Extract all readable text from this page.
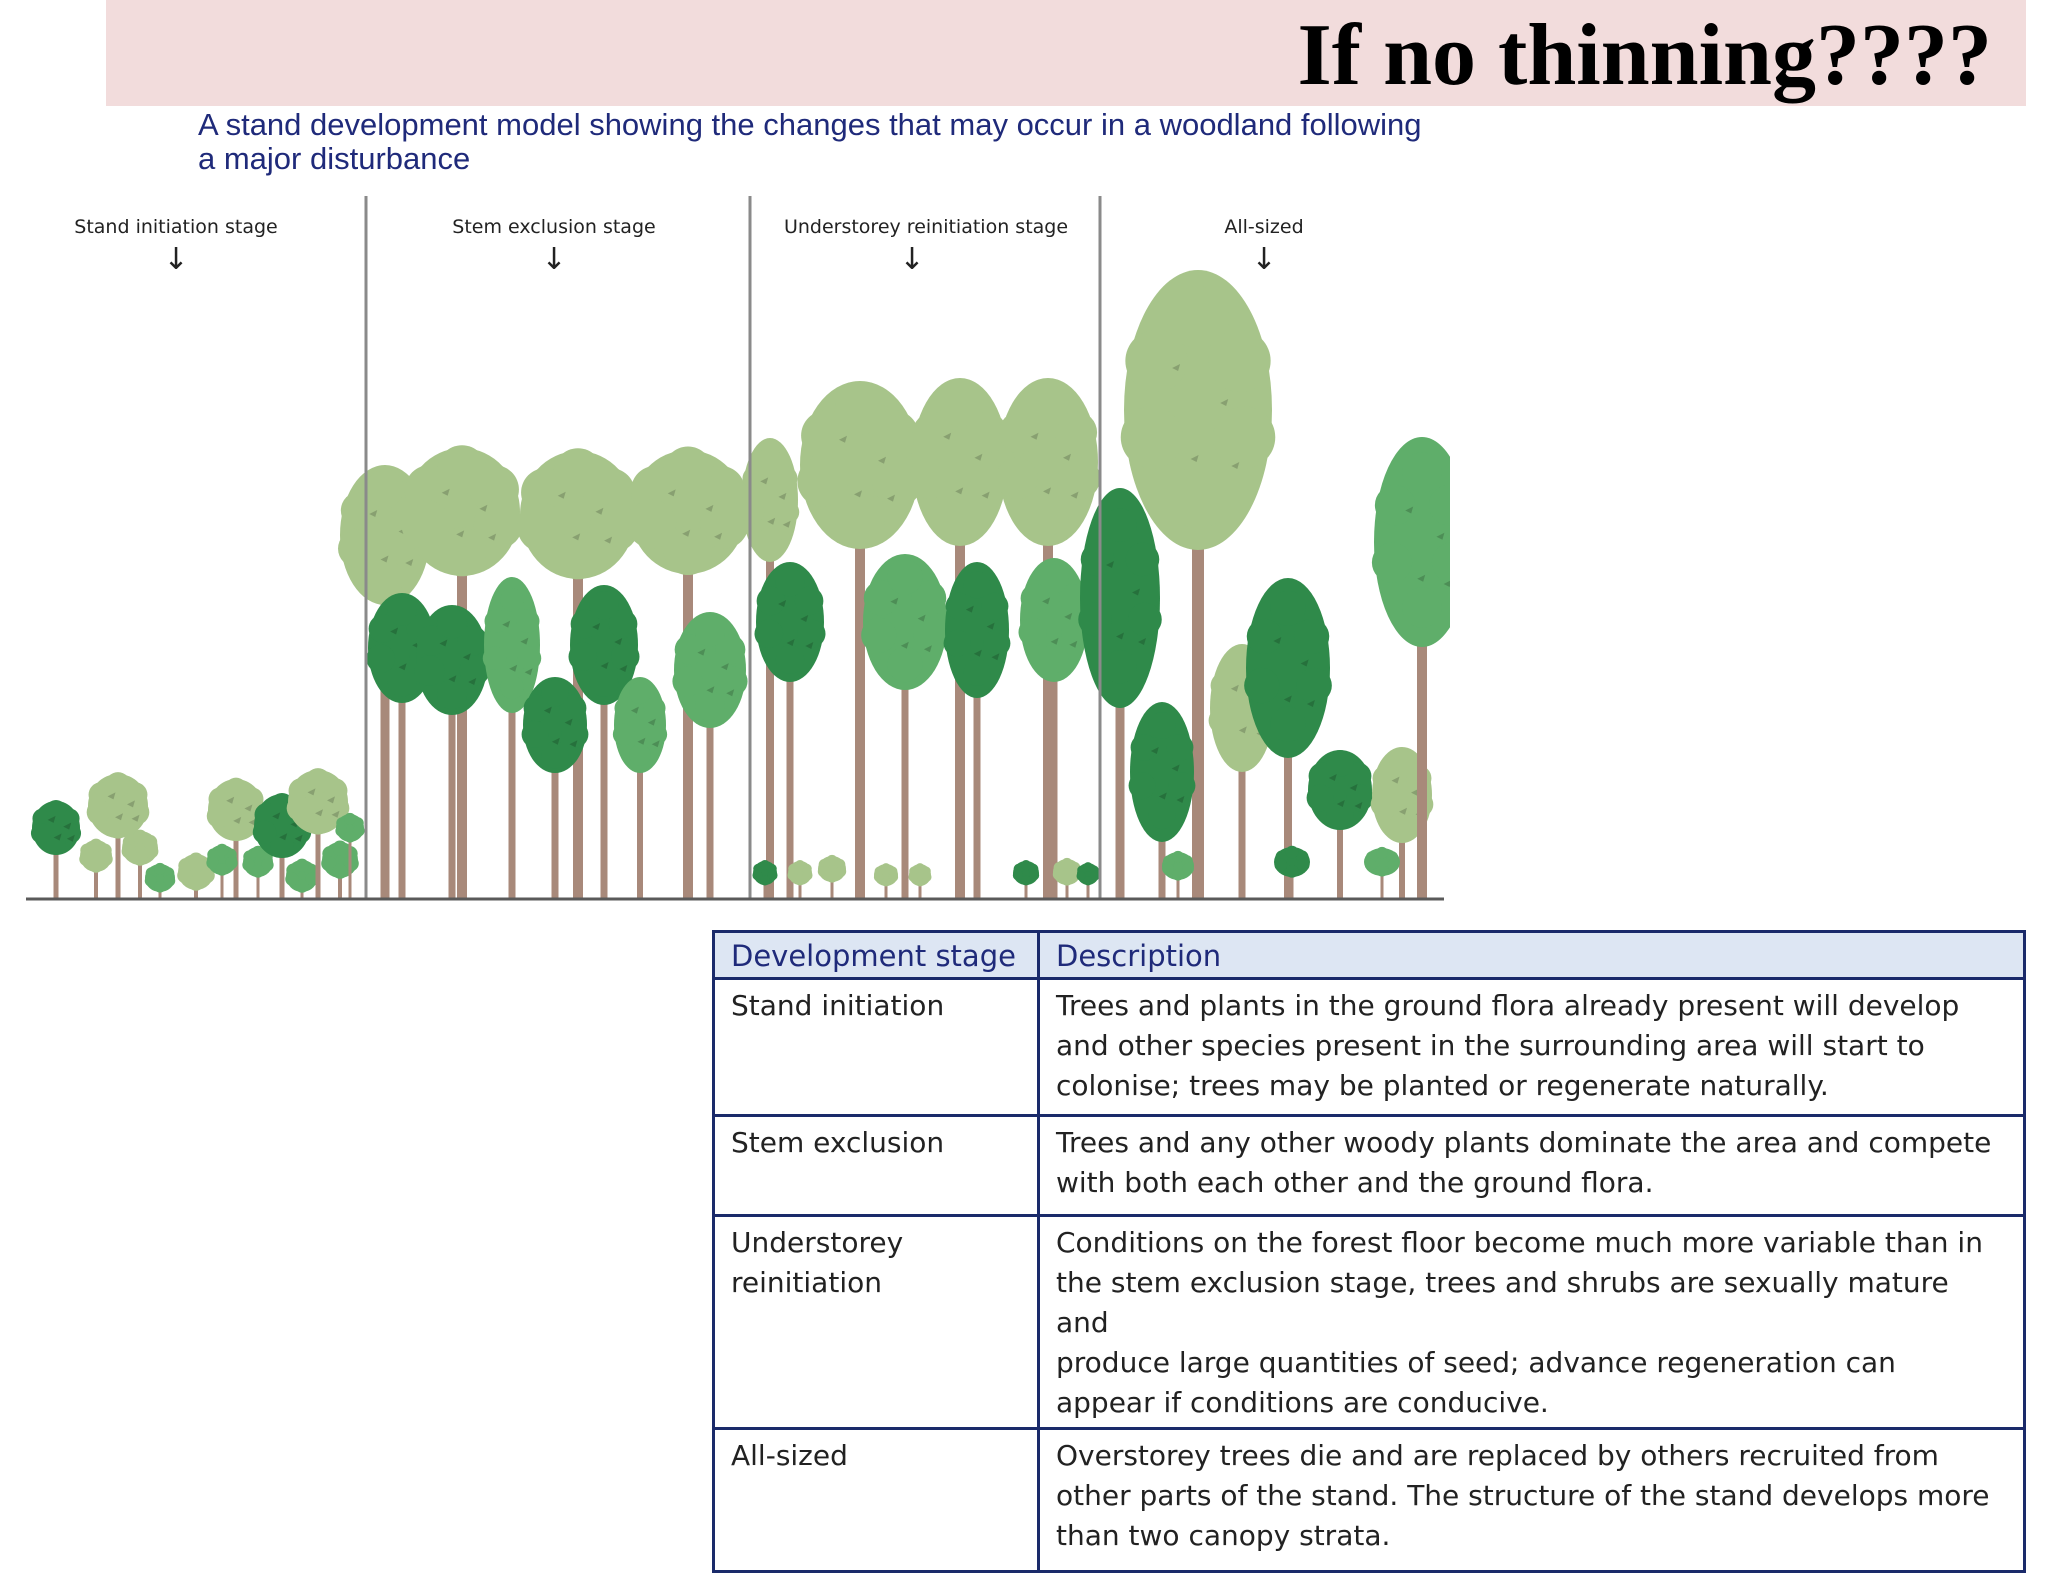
If no thinning????
A stand development model showing the changes that may occur in a woodland following a major disturbance
Stand initiation stage
↓
Stem exclusion stage
↓
Understorey reinitiation stage
↓
All-sized
↓
Development stage	Description
Stand initiation	Trees and plants in the ground flora already present will develop
and other species present in the surrounding area will start to
colonise; trees may be planted or regenerate naturally.

Stem exclusion	Trees and any other woody plants dominate the area and compete
with both each other and the ground flora.

Understorey reinitiation	Conditions on the forest floor become much more variable than in
the stem exclusion stage, trees and shrubs are sexually mature and
produce large quantities of seed; advance regeneration can
appear if conditions are conducive.

All-sized	Overstorey trees die and are replaced by others recruited from
other parts of the stand. The structure of the stand develops more
than two canopy strata.
